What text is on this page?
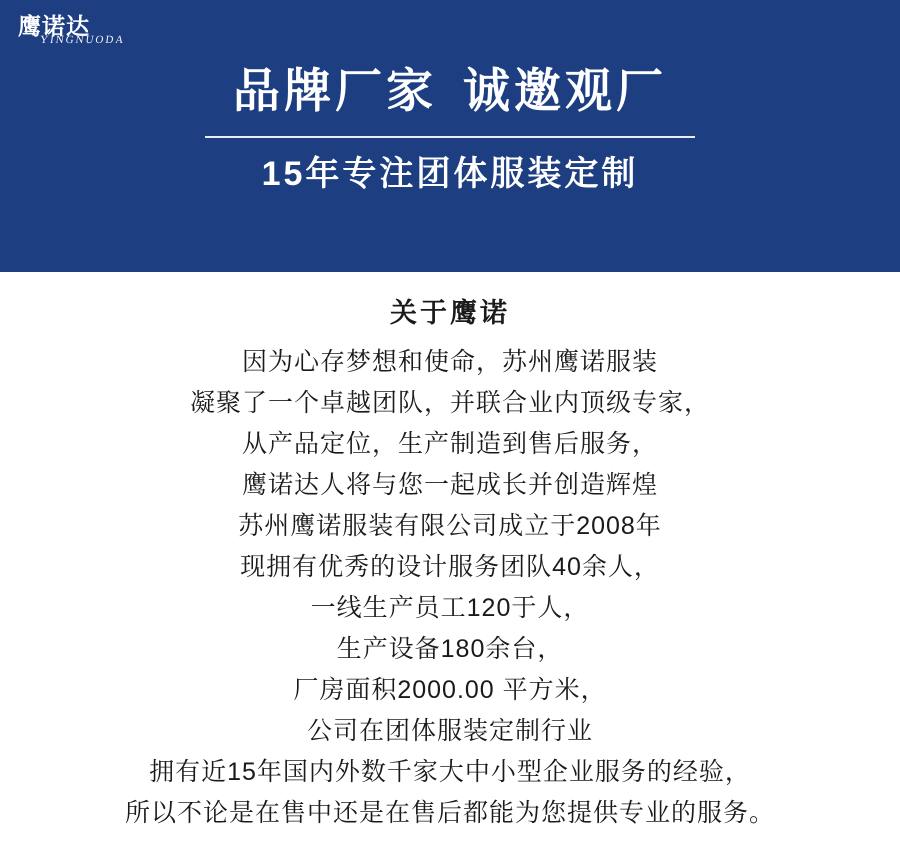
鹰诺达
YINGNUODA
品牌厂家 诚邀观厂
15年专注团体服装定制
关于鹰诺
因为心存梦想和使命，苏州鹰诺服装
凝聚了一个卓越团队，并联合业内顶级专家，
从产品定位，生产制造到售后服务，
鹰诺达人将与您一起成长并创造辉煌
苏州鹰诺服装有限公司成立于2008年
现拥有优秀的设计服务团队40余人，
一线生产员工120于人，
生产设备180余台，
厂房面积2000.00 平方米，
公司在团体服装定制行业
拥有近15年国内外数千家大中小型企业服务的经验，
所以不论是在售中还是在售后都能为您提供专业的服务。
